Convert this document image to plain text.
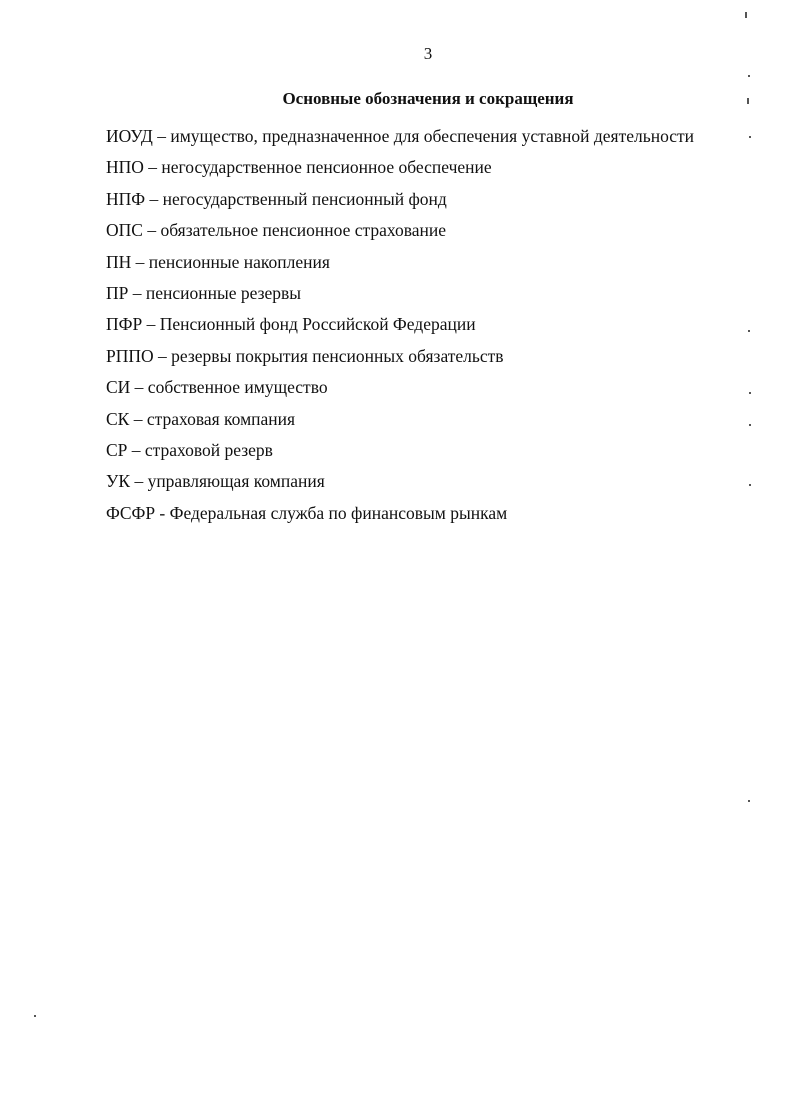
3
Основные обозначения и сокращения
ИОУД – имущество, предназначенное для обеспечения уставной деятельности
НПО – негосударственное пенсионное обеспечение
НПФ – негосударственный пенсионный фонд
ОПС – обязательное пенсионное страхование
ПН – пенсионные накопления
ПР – пенсионные резервы
ПФР – Пенсионный фонд Российской Федерации
РППО – резервы покрытия пенсионных обязательств
СИ – собственное имущество
СК – страховая компания
СР – страховой резерв
УК – управляющая компания
ФСФР - Федеральная служба по финансовым рынкам
